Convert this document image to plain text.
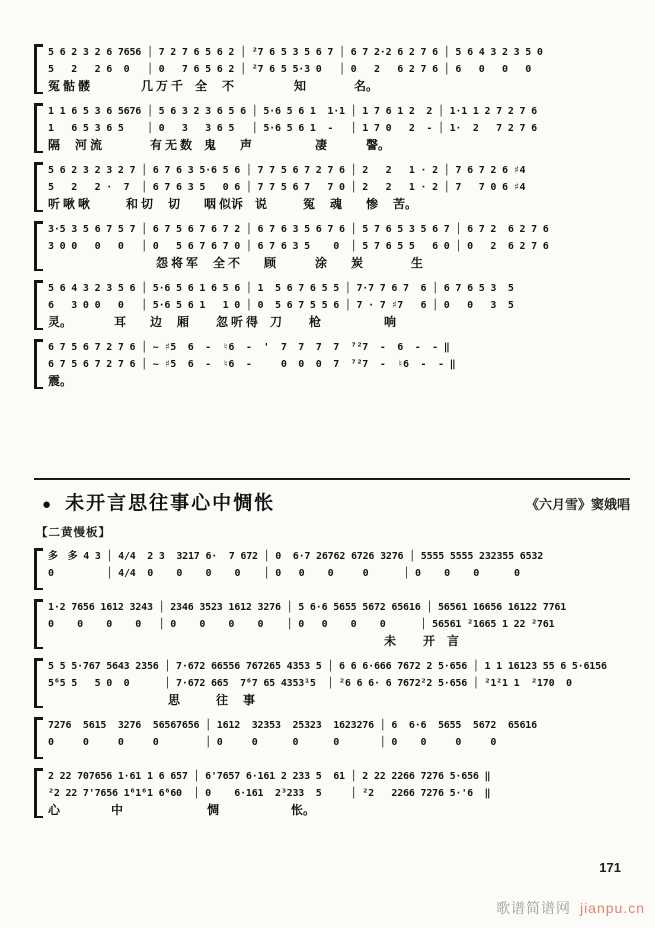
5 6 2 3 2 6 7656 │ 7 2 7 6 5 6 2 │ ²7 6 5 3 5 6 7 │ 6 7 2·2 6 2 7 6 │ 5 6 4 3 2 3 5 0
5   2   2 6  0   │ 0   7 6 5 6 2 │ ²7 6 5 5·3 0   │ 0   2   6 2 7 6 │ 6   0   0   0
冤 骷 髅　　　　 几 万 千　全　 不　　　　　知　　　　名。
1 1 6 5 3 6 5676 │ 5 6 3 2 3 6 5 6 │ 5·6 5 6 1  1·1 │ 1 7 6 1 2  2 │ 1·1 1 2 7 2 7 6
1   6 5 3 6 5    │ 0   3   3 6 5   │ 5·6 5 6 1  -   │ 1 7 0   2  - │ 1·  2   7 2 7 6
隔　 河 流　　　　有 无 数　鬼　　声　　　　　 凄　　　 謦。
5 6 2 3 2 3 2 7 │ 6 7 6 3 5·6 5 6 │ 7 7 5 6 7 2 7 6 │ 2   2   1 · 2 │ 7 6 7 2 6 ♯4
5   2   2 ·  7  │ 6 7 6 3 5   0 6 │ 7 7 5 6 7   7 0 │ 2   2   1 · 2 │ 7   7 0 6 ♯4
听 啾 啾　　　和 切　 切　　咽 似诉　说　　　冤　 魂　　惨　 苦。
3·5 3 5 6 7 5 7 │ 6 7 5 6 7 6 7 2 │ 6 7 6 3 5 6 7 6 │ 5 7 6 5 3 5 6 7 │ 6 7 2  6 2 7 6
3 0 0   0   0   │ 0   5 6 7 6 7 0 │ 6 7 6 3 5    0  │ 5 7 6 5 5   6 0 │ 0   2  6 2 7 6
　　　　　　　　　怨 将 军　 全 不　　顾　　　 涂　　炭　　　　生
5 6 4 3 2 3 5 6 │ 5·6 5 6 1 6 5 6 │ 1  5 6 7 6 5 5 │ 7·7 7 6 7  6 │ 6 7 6 5 3  5
6   3 0 0   0   │ 5·6 5 6 1   1 0 │ 0  5 6 7 5 5 6 │ 7 · 7 ♯7   6 │ 0   0   3  5
灵。　　　　耳　　边　 厢　　 忽 听 得　刀　　 枪　　　　　 响
6 7 5 6 7 2 7 6 │ ~ ♯5  6  -  ♮6  -  '  7  7  7  7  ⁷²7  -  6  -  - ‖
6 7 5 6 7 2 7 6 │ ~ ♯5  6  -  ♮6  -     0  0  0  7  ⁷²7  -  ♮6  -  - ‖
震。
● 未开言思往事心中惆怅	《六月雪》窦娥唱
【二黄慢板】
多　多 4 3 │ 4/4  2 3  3217 6·  7 672 │ 0  6·7 26762 6726 3276 │ 5555 5555 232355 6532
0　　　    │ 4/4  0    0    0    0    │ 0   0    0     0      │ 0    0    0      0
1·2 7656 1612 3243 │ 2346 3523 1612 3276 │ 5 6·6 5655 5672 65616 │ 56561 16656 16122 7761
0    0    0    0   │ 0    0    0    0    │ 0   0    0    0      │ 56561 ²1665 1 22 ²761
　　　　　　　　　　　　　　　　　　　　　　　　　　　　未　　 开　言
5 5 5·767 5643 2356 │ 7·672 66556 767265 4353 5 │ 6 6 6·666 7672 2 5·656 │ 1 1 16123 55 6 5·6156
5⁶5 5   5 0  0      │ 7·672 665  7⁶7 65 4353¹5  │ ²6 6 6· 6 7672²2 5·656 │ ²1²1 1  ²170  0
　　　　　　　　　　思　　　往　 事
7276  5615  3276  56567656 │ 1612  32353  25323  1623276 │ 6  6·6  5655  5672  65616
0     0     0     0        │ 0     0      0      0       │ 0    0     0     0
2 22 707656 1·61 1 6 657 │ 6'7657 6·161 2 233 5  61 │ 2 22 2266 7276 5·656 ‖
²2 22 7'7656 1⁶1⁶1 6⁶60  │ 0    6·161  2³233  5     │ ²2   2266 7276 5·'6  ‖
心　　　　 中　　　　　　　惆　　　　　　怅。
171
歌谱简谱网 jianpu.cn
